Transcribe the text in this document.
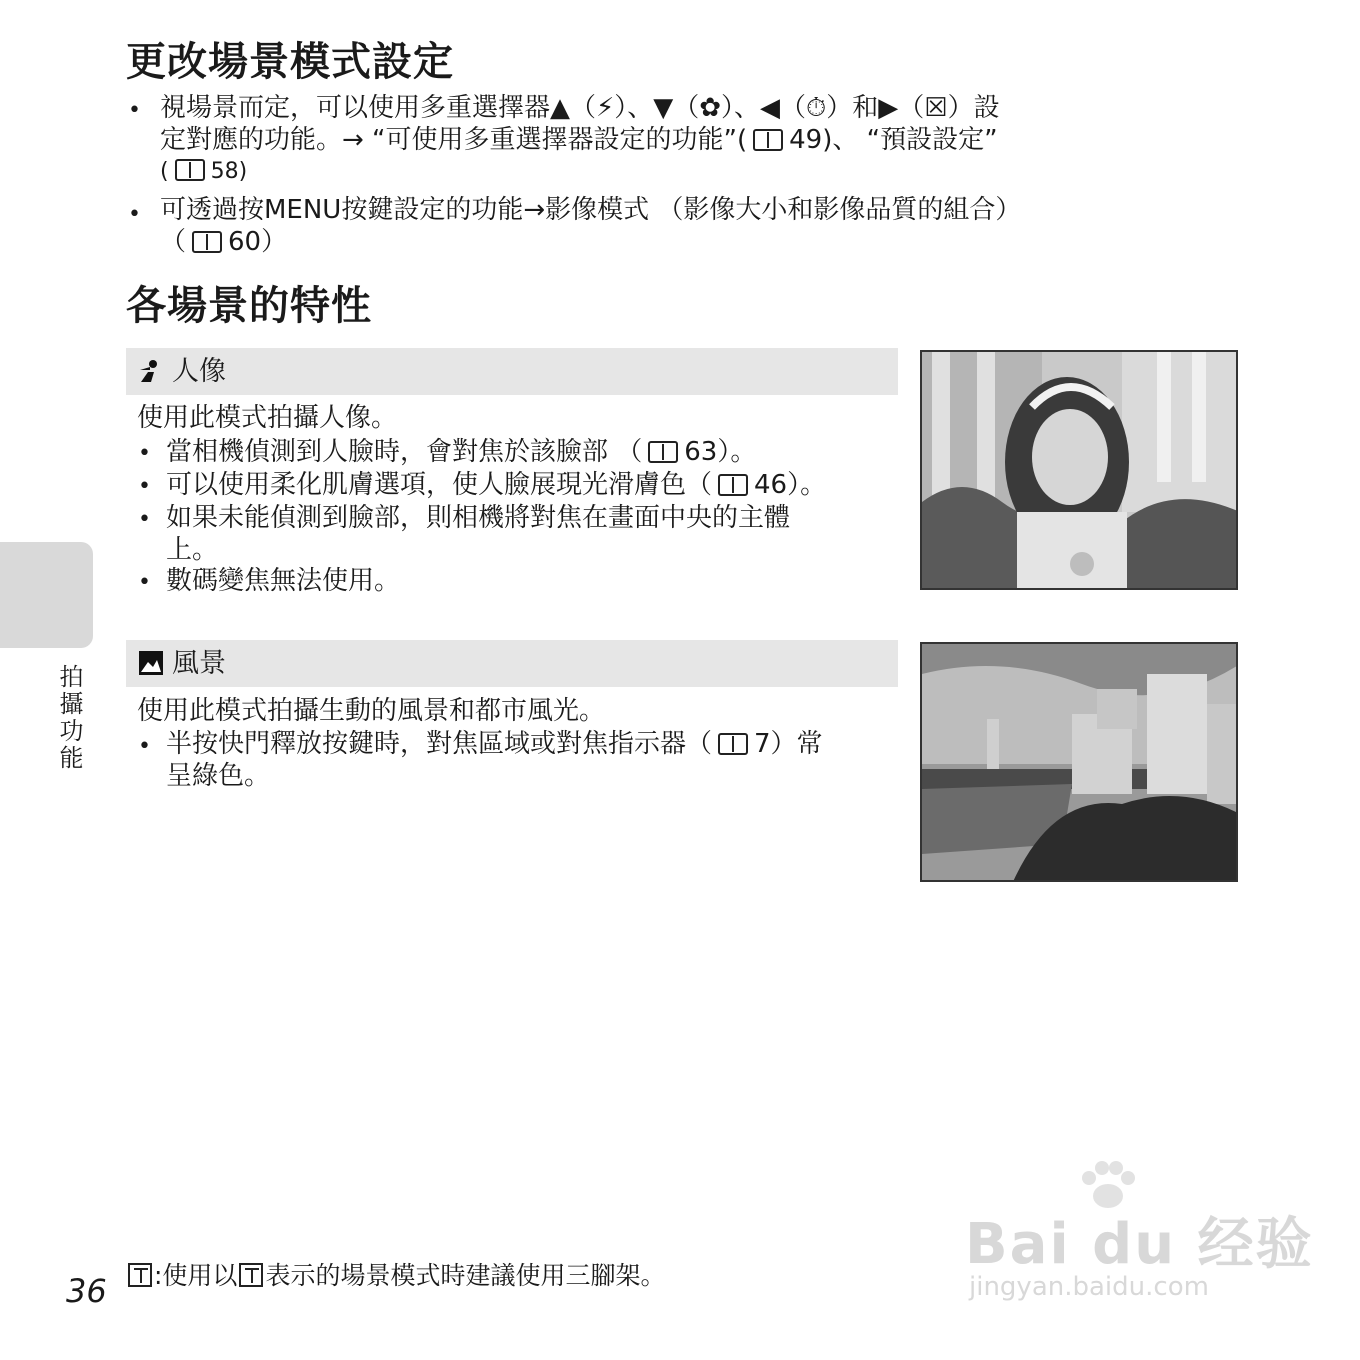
更改場景模式設定
• 視場景而定，可以使用多重選擇器▲（⚡）、▼（✿）、◀（⏱）和▶（☒）設
定對應的功能。→ “可使用多重選擇器設定的功能”( 49)、 “預設設定”
( 58)
• 可透過按MENU按鍵設定的功能→影像模式 （影像大小和影像品質的組合）
（ 60）
各場景的特性
人像
使用此模式拍攝人像。
• 當相機偵測到人臉時，會對焦於該臉部 （ 63）。
• 可以使用柔化肌膚選項，使人臉展現光滑膚色（ 46）。
• 如果未能偵測到臉部，則相機將對焦在畫面中央的主體
上。
• 數碼變焦無法使用。
風景
使用此模式拍攝生動的風景和都市風光。
• 半按快門釋放按鍵時，對焦區域或對焦指示器（ 7）常
呈綠色。
拍攝功能
36	:使用以 表示的場景模式時建議使用三腳架。	Bai du 经验
jingyan.baidu.com
